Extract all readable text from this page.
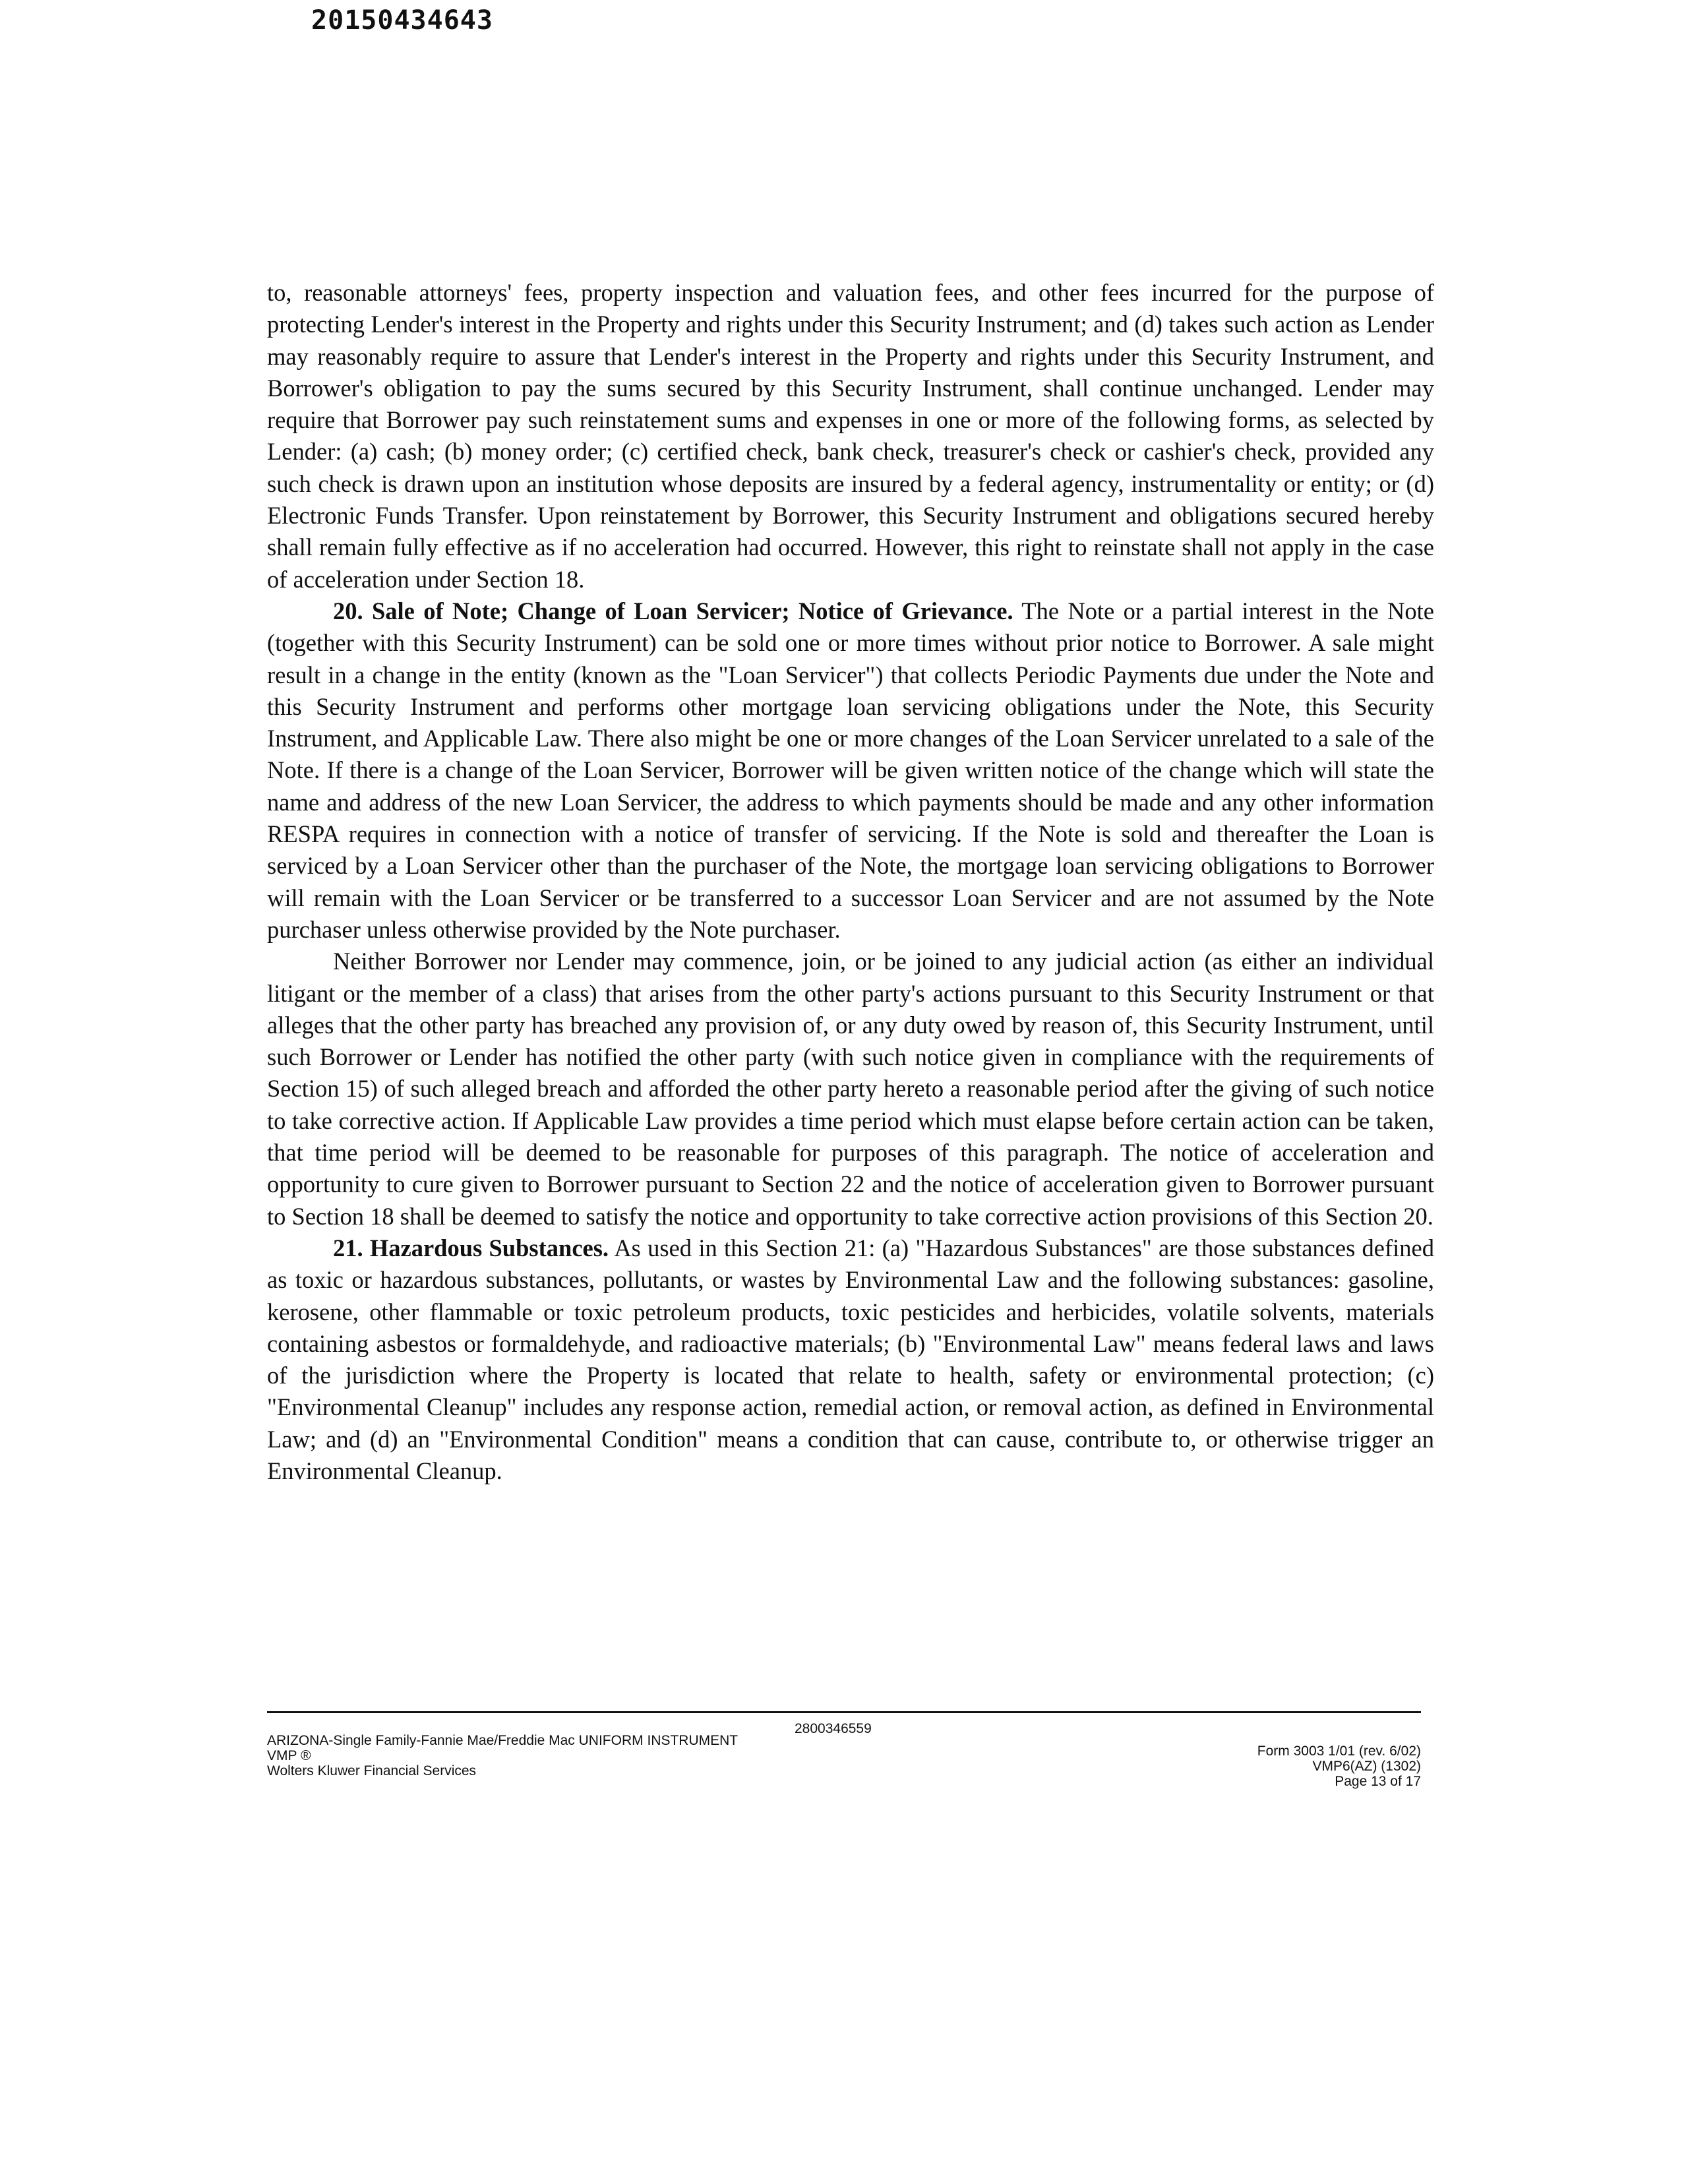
20150434643

to, reasonable attorneys' fees, property inspection and valuation fees, and other fees incurred for the purpose of protecting Lender's interest in the Property and rights under this Security Instrument; and (d) takes such action as Lender may reasonably require to assure that Lender's interest in the Property and rights under this Security Instrument, and Borrower's obligation to pay the sums secured by this Security Instrument, shall continue unchanged. Lender may require that Borrower pay such reinstatement sums and expenses in one or more of the following forms, as selected by Lender: (a) cash; (b) money order; (c) certified check, bank check, treasurer's check or cashier's check, provided any such check is drawn upon an institution whose deposits are insured by a federal agency, instrumentality or entity; or (d) Electronic Funds Transfer. Upon reinstatement by Borrower, this Security Instrument and obligations secured hereby shall remain fully effective as if no acceleration had occurred. However, this right to reinstate shall not apply in the case of acceleration under Section 18.

20. Sale of Note; Change of Loan Servicer; Notice of Grievance. The Note or a partial interest in the Note (together with this Security Instrument) can be sold one or more times without prior notice to Borrower. A sale might result in a change in the entity (known as the "Loan Servicer") that collects Periodic Payments due under the Note and this Security Instrument and performs other mortgage loan servicing obligations under the Note, this Security Instrument, and Applicable Law. There also might be one or more changes of the Loan Servicer unrelated to a sale of the Note. If there is a change of the Loan Servicer, Borrower will be given written notice of the change which will state the name and address of the new Loan Servicer, the address to which payments should be made and any other information RESPA requires in connection with a notice of transfer of servicing. If the Note is sold and thereafter the Loan is serviced by a Loan Servicer other than the purchaser of the Note, the mortgage loan servicing obligations to Borrower will remain with the Loan Servicer or be transferred to a successor Loan Servicer and are not assumed by the Note purchaser unless otherwise provided by the Note purchaser.

Neither Borrower nor Lender may commence, join, or be joined to any judicial action (as either an individual litigant or the member of a class) that arises from the other party's actions pursuant to this Security Instrument or that alleges that the other party has breached any provision of, or any duty owed by reason of, this Security Instrument, until such Borrower or Lender has notified the other party (with such notice given in compliance with the requirements of Section 15) of such alleged breach and afforded the other party hereto a reasonable period after the giving of such notice to take corrective action. If Applicable Law provides a time period which must elapse before certain action can be taken, that time period will be deemed to be reasonable for purposes of this paragraph. The notice of acceleration and opportunity to cure given to Borrower pursuant to Section 22 and the notice of acceleration given to Borrower pursuant to Section 18 shall be deemed to satisfy the notice and opportunity to take corrective action provisions of this Section 20.

21. Hazardous Substances. As used in this Section 21: (a) "Hazardous Substances" are those substances defined as toxic or hazardous substances, pollutants, or wastes by Environmental Law and the following substances: gasoline, kerosene, other flammable or toxic petroleum products, toxic pesticides and herbicides, volatile solvents, materials containing asbestos or formaldehyde, and radioactive materials; (b) "Environmental Law" means federal laws and laws of the jurisdiction where the Property is located that relate to health, safety or environmental protection; (c) "Environmental Cleanup" includes any response action, remedial action, or removal action, as defined in Environmental Law; and (d) an "Environmental Condition" means a condition that can cause, contribute to, or otherwise trigger an Environmental Cleanup.

2800346559
ARIZONA-Single Family-Fannie Mae/Freddie Mac UNIFORM INSTRUMENT
VMP ®
Wolters Kluwer Financial Services
Form 3003 1/01 (rev. 6/02)
VMP6(AZ) (1302)
Page 13 of 17
